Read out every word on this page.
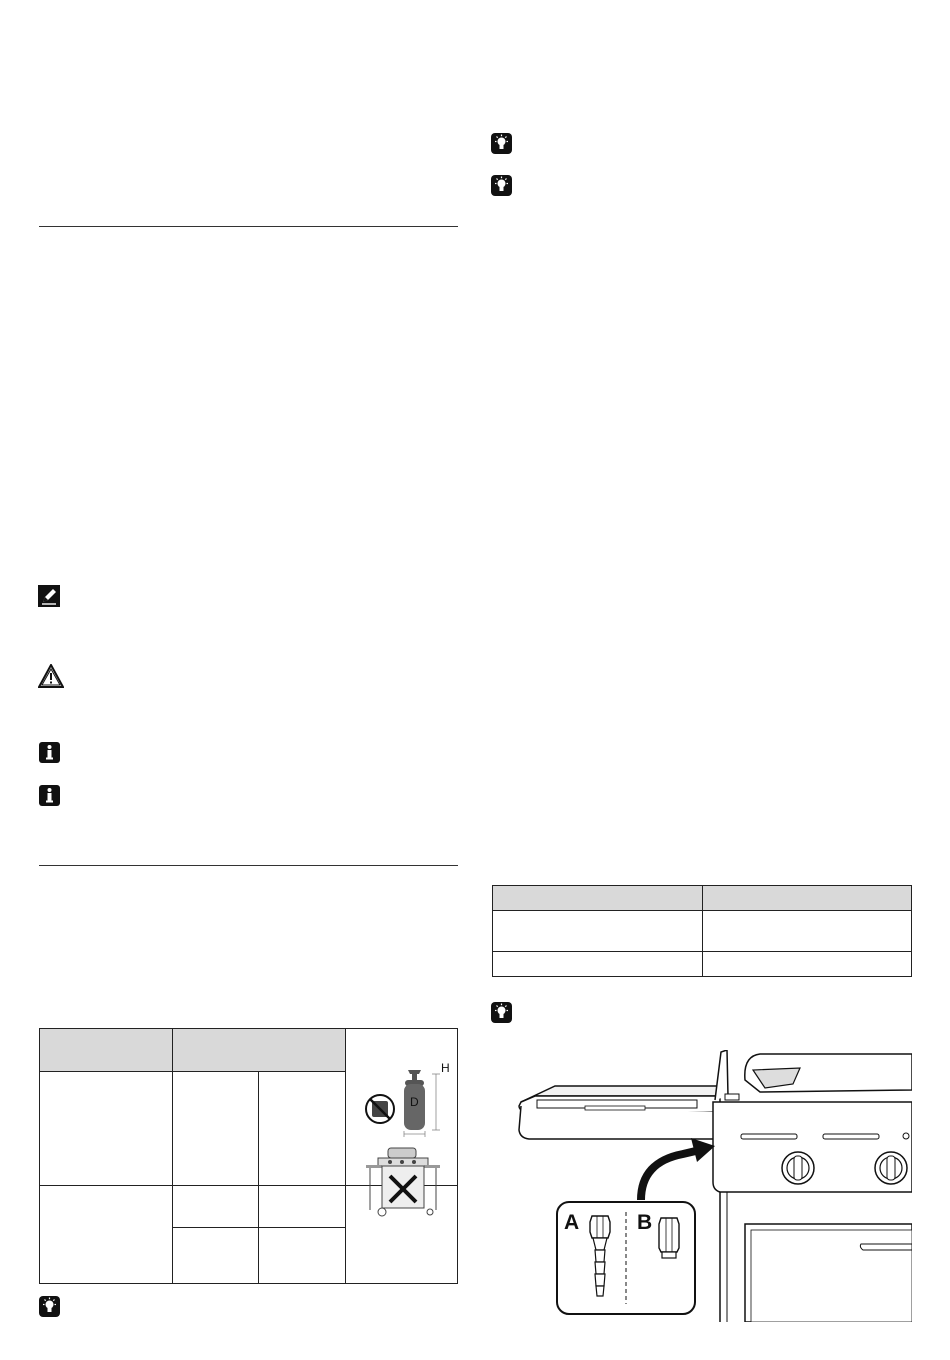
			H
D

A	B
